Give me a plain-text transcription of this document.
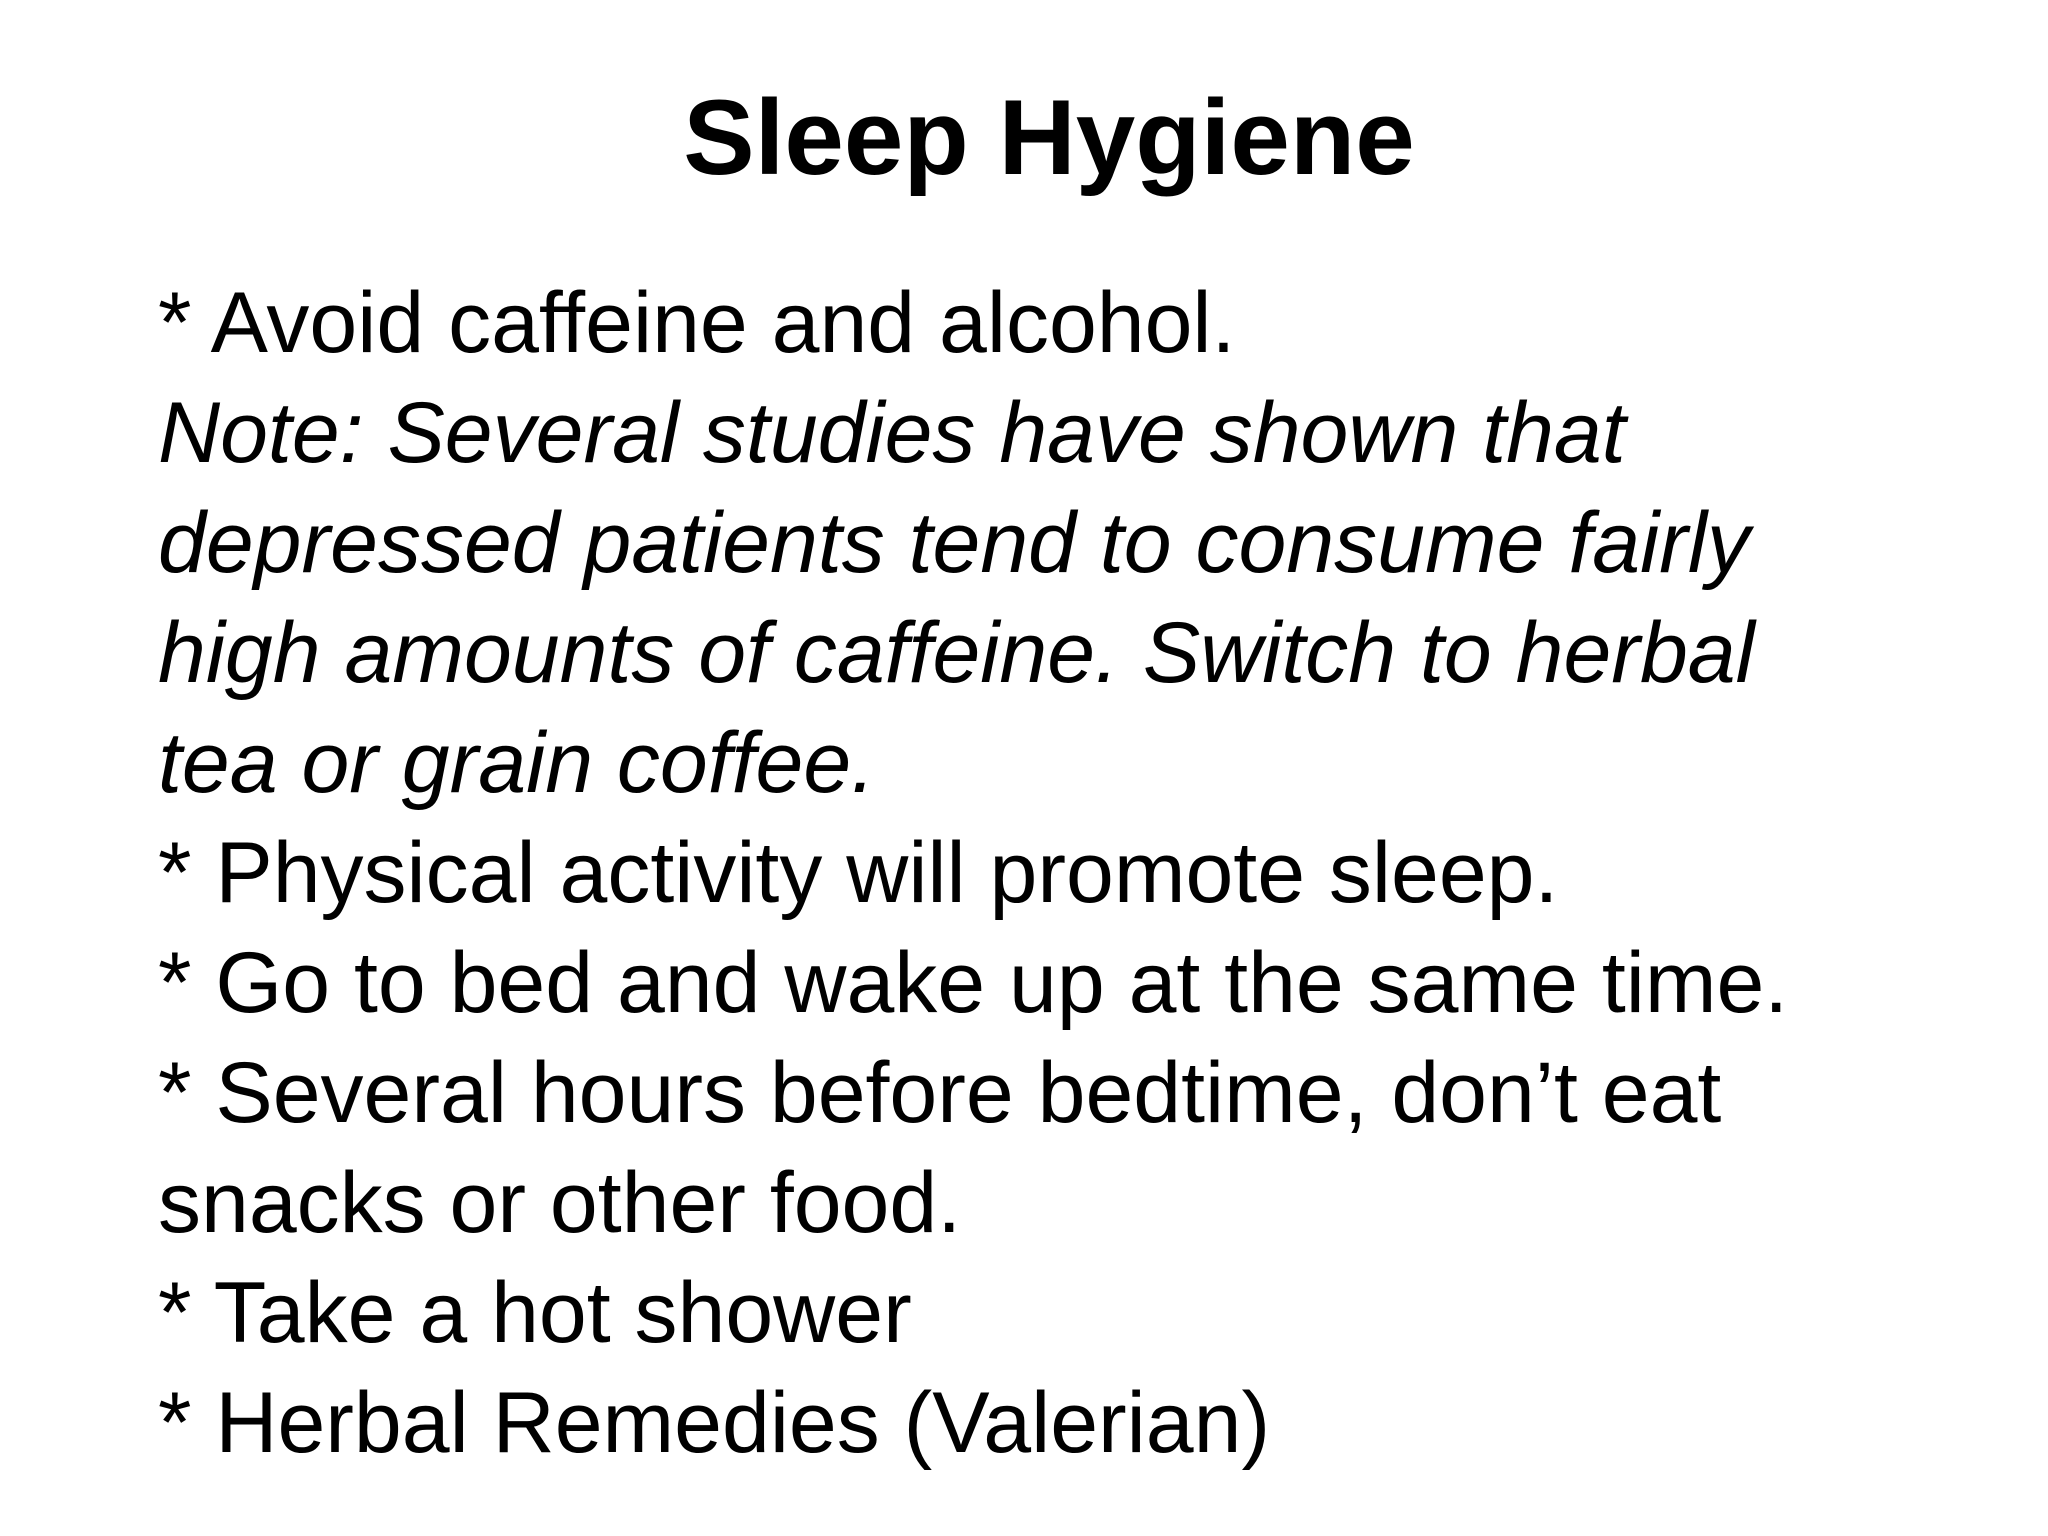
Sleep Hygiene
* Avoid caffeine and alcohol.
Note: Several studies have shown that
depressed patients tend to consume fairly
high amounts of caffeine. Switch to herbal
tea or grain coffee.
* Physical activity will promote sleep.
* Go to bed and wake up at the same time.
* Several hours before bedtime, don’t eat
snacks or other food.
* Take a hot shower
* Herbal Remedies (Valerian)
